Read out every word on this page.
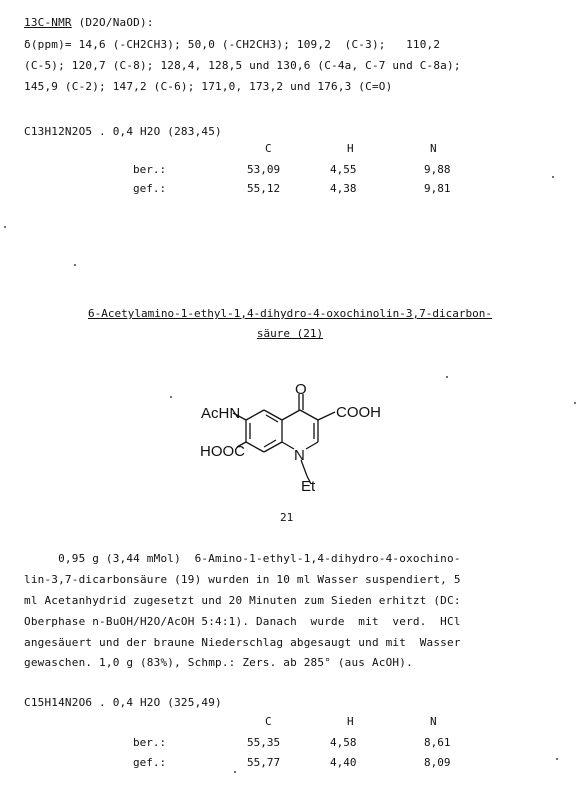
13C-NMR (D2O/NaOD):
δ(ppm)= 14,6 (-CH2CH3); 50,0 (-CH2CH3); 109,2  (C-3);   110,2
(C-5); 120,7 (C-8); 128,4, 128,5 und 130,6 (C-4a, C-7 und C-8a);
145,9 (C-2); 147,2 (C-6); 171,0, 173,2 und 176,3 (C=O)
C13H12N2O5 . 0,4 H2O (283,45)
C	H	N
ber.:	53,09	4,55	9,88
gef.:	55,12	4,38	9,81
6-Acetylamino-1-ethyl-1,4-dihydro-4-oxochinolin-3,7-dicarbon-
säure (21)
O
COOH
AcHN
HOOC	N
Et
21
0,95 g (3,44 mMol)  6-Amino-1-ethyl-1,4-dihydro-4-oxochino-
lin-3,7-dicarbonsäure (19) wurden in 10 ml Wasser suspendiert, 5
ml Acetanhydrid zugesetzt und 20 Minuten zum Sieden erhitzt (DC:
Oberphase n-BuOH/H2O/AcOH 5:4:1). Danach  wurde  mit  verd.  HCl
angesäuert und der braune Niederschlag abgesaugt und mit  Wasser
gewaschen. 1,0 g (83%), Schmp.: Zers. ab 285° (aus AcOH).
C15H14N2O6 . 0,4 H2O (325,49)
C	H	N
ber.:	55,35	4,58	8,61
gef.:	55,77	4,40	8,09
